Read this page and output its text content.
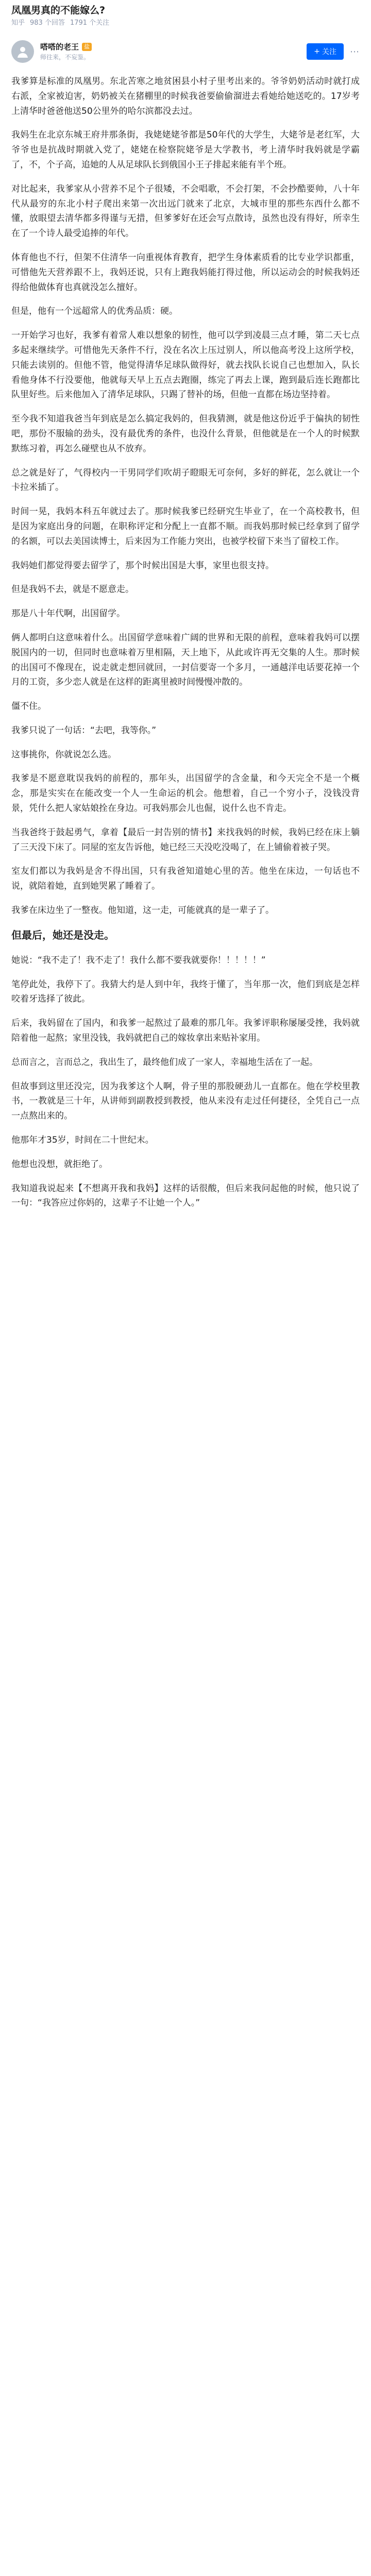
凤凰男真的不能嫁么?
知乎 983 个回答 1791 个关注
嗒嗒的老王 盐
师往来，不妄鉴。
+ 关注 ⋯

我爹算是标准的凤凰男。东北苦寒之地贫困县小村子里考出来的。爷爷奶奶活动时就打成右派，全家被迫害，奶奶被关在猪棚里的时候我爸要偷偷溜进去看她给她送吃的。17岁考上清华时爸爸他送50公里外的哈尔滨都没去过。

我妈生在北京东城王府井那条街，我姥姥姥爷都是50年代的大学生，大姥爷是老红军，大爷爷也是抗战时期就入党了，姥姥在检察院姥爷是大学教书，考上清华时我妈就是学霸了，不，个子高，追她的人从足球队长到俄国小王子排起来能有半个班。

对比起来，我爹家从小营养不足个子很矮，不会唱歌，不会打架，不会抄酷要帅，八十年代从最穷的东北小村子爬出来第一次出远门就来了北京，大城市里的那些东西什么都不懂，放眼望去清华都多得谨与无措，但爹爹好在还会写点散诗，虽然也没有得好，所幸生在了一个诗人最受追捧的年代。

体育他也不行，但架不住清华一向重视体育教育，把学生身体素质看的比专业学识都重，可惜他先天营养跟不上，我妈还说，只有上跑我妈能打得过他，所以运动会的时候我妈还得给他做体育也真就没怎么擅好。

但是，他有一个远超常人的优秀品质：硬。

一开始学习也好，我爹有着常人难以想象的韧性，他可以学到凌晨三点才睡，第二天七点多起来继续学。可惜他先天条件不行，没在名次上压过别人，所以他高考没上这所学校，只能去读别的。但他不管，他觉得清华足球队做得好，就去找队长说自己也想加入，队长看他身体不行没要他，他就每天早上五点去跑圈，练完了再去上课，跑到最后连长跑都比队里好些。后来他加入了清华足球队，只踢了替补的场，但他一直都在场边坚持着。

至今我不知道我爸当年到底是怎么搞定我妈的，但我猜测，就是他这份近乎于偏执的韧性吧，那份不服输的劲头，没有最优秀的条件，也没什么背景，但他就是在一个人的时候默默练习着，再怎么碰壁也从不放弃。

总之就是好了，气得校内一干男同学们吹胡子瞪眼无可奈何，多好的鲜花，怎么就让一个卡拉米插了。

时间一晃，我妈本科五年就过去了。那时候我爹已经研究生毕业了，在一个高校教书，但是因为家庭出身的问题，在职称评定和分配上一直都不顺。而我妈那时候已经拿到了留学的名额，可以去美国读博士，后来因为工作能力突出，也被学校留下来当了留校工作。

我妈她们都觉得要去留学了，那个时候出国是大事，家里也很支持。

但是我妈不去，就是不愿意走。

那是八十年代啊，出国留学。

俩人都明白这意味着什么。出国留学意味着广阔的世界和无限的前程，意味着我妈可以摆脱国内的一切，但同时也意味着万里相隔，天上地下，从此或许再无交集的人生。那时候的出国可不像现在，说走就走想回就回，一封信要寄一个多月，一通越洋电话要花掉一个月的工资，多少恋人就是在这样的距离里被时间慢慢冲散的。

僵不住。

我爹只说了一句话：“去吧，我等你。”

这事挑你，你就说怎么选。

我爹是不愿意耽误我妈的前程的，那年头，出国留学的含金量，和今天完全不是一个概念，那是实实在在能改变一个人一生命运的机会。他想着，自己一个穷小子，没钱没背景，凭什么把人家姑娘拴在身边。可我妈那会儿也倔，说什么也不肯走。

当我爸终于鼓起勇气，拿着【最后一封告别的情书】来找我妈的时候，我妈已经在床上躺了三天没下床了。同屋的室友告诉他，她已经三天没吃没喝了，在上铺偷着被子哭。

室友们都以为我妈是舍不得出国，只有我爸知道她心里的苦。他坐在床边，一句话也不说，就陪着她，直到她哭累了睡着了。

我爹在床边坐了一整夜。他知道，这一走，可能就真的是一辈子了。

但最后，她还是没走。

她说：“我不走了！我不走了！我什么都不要我就要你！！！！！”

笔停此处，我停下了。我猜大约是人到中年，我终于懂了，当年那一次，他们到底是怎样咬着牙选择了彼此。

后来，我妈留在了国内，和我爹一起熬过了最难的那几年。我爹评职称屡屡受挫，我妈就陪着他一起熬；家里没钱，我妈就把自己的嫁妆拿出来贴补家用。

总而言之，言而总之，我出生了，最终他们成了一家人，幸福地生活在了一起。

但故事到这里还没完，因为我爹这个人啊，骨子里的那股硬劲儿一直都在。他在学校里教书，一教就是三十年，从讲师到副教授到教授，他从来没有走过任何捷径，全凭自己一点一点熬出来的。

他那年才35岁，时间在二十世纪末。

他想也没想，就拒绝了。

我知道我说起来【不想离开我和我妈】这样的话很酸，但后来我问起他的时候，他只说了一句：“我答应过你妈的，这辈子不让她一个人。”
